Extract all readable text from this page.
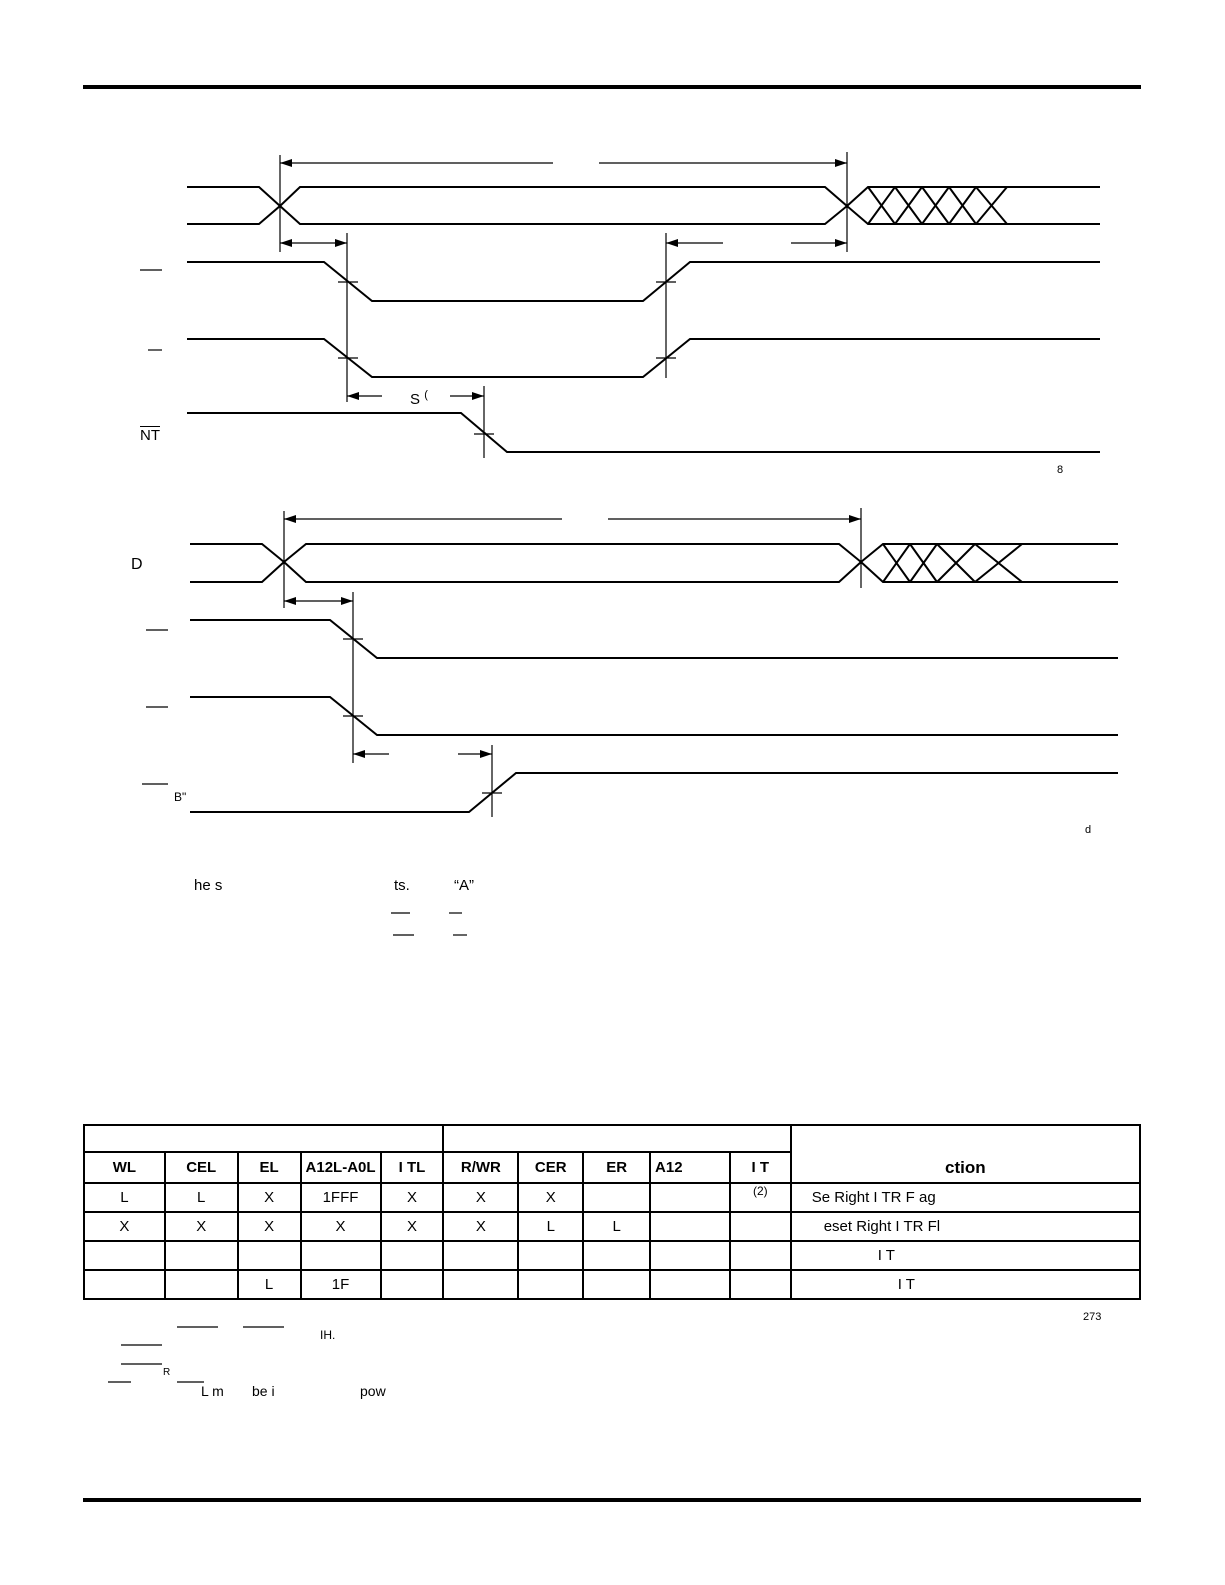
S (
$\overline{NT}$
8
D
B"
d
he s	ts.	“A”
										ction
WL	CEL	EL	A12L-A0L	I TL	R/WR	CER	ER	A12	I T	
L	L	X	1FFF	X	X	X			(2)	Se Right I TR F ag
X	X	X	X	X	X	L	L			eset Right I TR Fl
										I T
		L	1F							I T
273
IH.
R
L m be i	pow
